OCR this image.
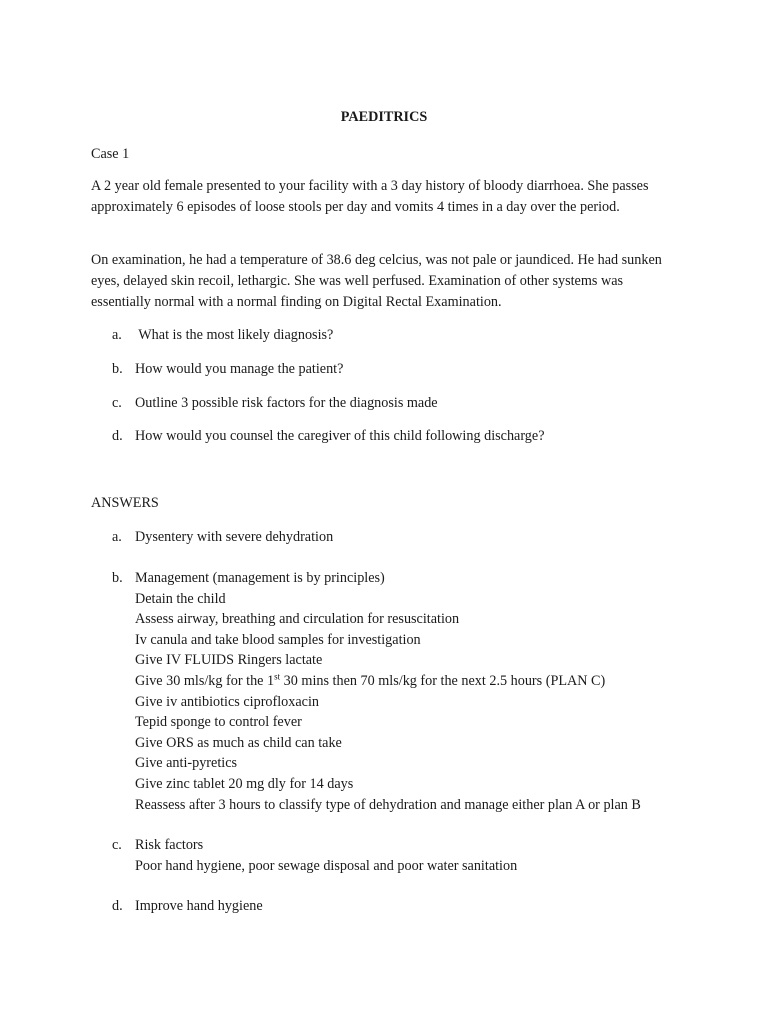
PAEDITRICS

Case 1

A 2 year old female presented to your facility with a 3 day history of bloody diarrhoea. She passes approximately 6 episodes of loose stools per day and vomits 4 times in a day over the period.

On examination, he had a temperature of 38.6 deg celcius, was not pale or jaundiced. He had sunken eyes, delayed skin recoil, lethargic. She was well perfused. Examination of other systems was essentially normal with a normal finding on Digital Rectal Examination.

a. What is the most likely diagnosis?
b. How would you manage the patient?
c. Outline 3 possible risk factors for the diagnosis made
d. How would you counsel the caregiver of this child following discharge?

ANSWERS

a. Dysentery with severe dehydration
b. Management (management is by principles)
Detain the child
Assess airway, breathing and circulation for resuscitation
Iv canula and take blood samples for investigation
Give IV FLUIDS Ringers lactate
Give 30 mls/kg for the 1st 30 mins then 70 mls/kg for the next 2.5 hours (PLAN C)
Give iv antibiotics ciprofloxacin
Tepid sponge to control fever
Give ORS as much as child can take
Give anti-pyretics
Give zinc tablet 20 mg dly for 14 days
Reassess after 3 hours to classify type of dehydration and manage either plan A or plan B
c. Risk factors
Poor hand hygiene, poor sewage disposal and poor water sanitation
d. Improve hand hygiene
